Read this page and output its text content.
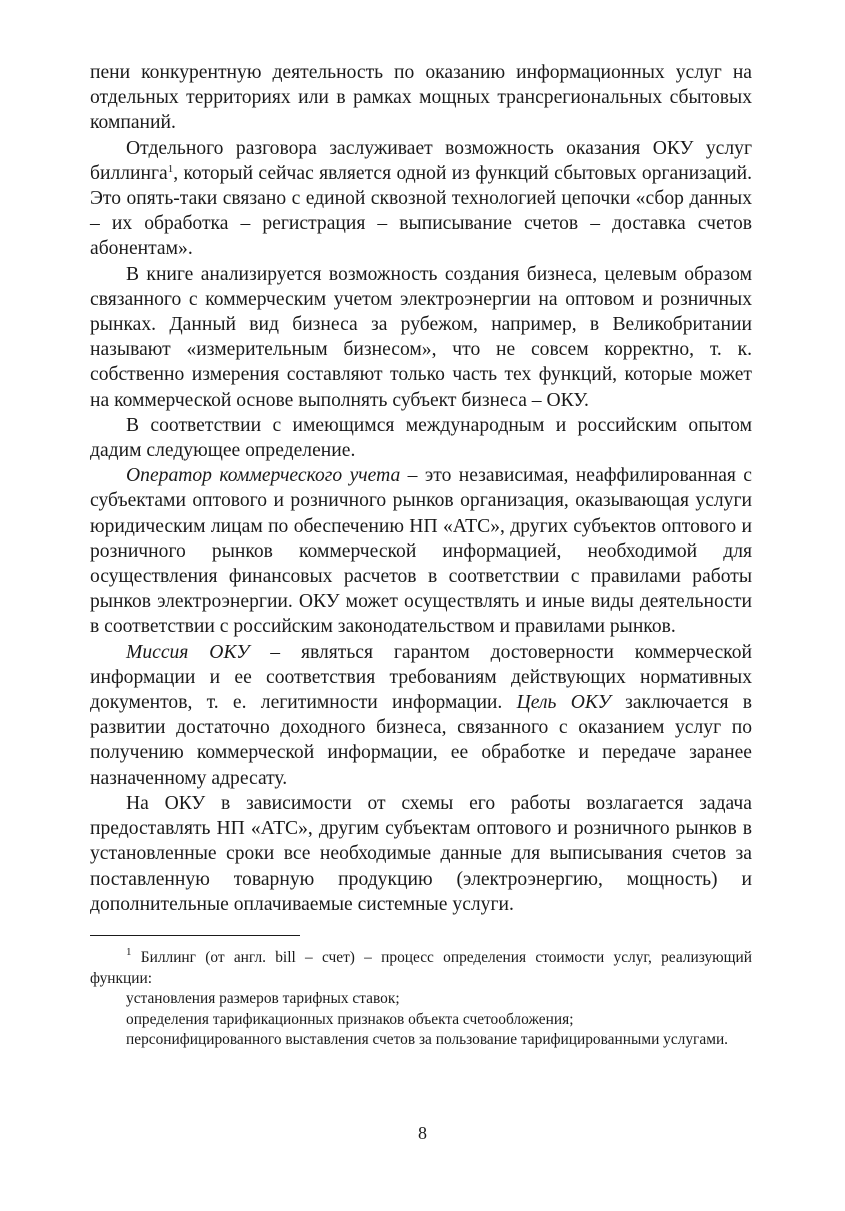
пени конкурентную деятельность по оказанию информационных услуг на отдельных территориях или в рамках мощных трансрегиональных сбытовых компаний.

Отдельного разговора заслуживает возможность оказания ОКУ услуг биллинга$^1$, который сейчас является одной из функций сбытовых организаций. Это опять-таки связано с единой сквозной технологией цепочки «сбор данных – их обработка – регистрация – выписывание счетов – доставка счетов абонентам».

В книге анализируется возможность создания бизнеса, целевым образом связанного с коммерческим учетом электроэнергии на оптовом и розничных рынках. Данный вид бизнеса за рубежом, например, в Великобритании называют «измерительным бизнесом», что не совсем корректно, т. к. собственно измерения составляют только часть тех функций, которые может на коммерческой основе выполнять субъект бизнеса – ОКУ.

В соответствии с имеющимся международным и российским опытом дадим следующее определение.

Оператор коммерческого учета – это независимая, неаффилированная с субъектами оптового и розничного рынков организация, оказывающая услуги юридическим лицам по обеспечению НП «АТС», других субъектов оптового и розничного рынков коммерческой информацией, необходимой для осуществления финансовых расчетов в соответствии с правилами работы рынков электроэнергии. ОКУ может осуществлять и иные виды деятельности в соответствии с российским законодательством и правилами рынков.

Миссия ОКУ – являться гарантом достоверности коммерческой информации и ее соответствия требованиям действующих нормативных документов, т. е. легитимности информации. Цель ОКУ заключается в развитии достаточно доходного бизнеса, связанного с оказанием услуг по получению коммерческой информации, ее обработке и передаче заранее назначенному адресату.

На ОКУ в зависимости от схемы его работы возлагается задача предоставлять НП «АТС», другим субъектам оптового и розничного рынков в установленные сроки все необходимые данные для выписывания счетов за поставленную товарную продукцию (электроэнергию, мощность) и дополнительные оплачиваемые системные услуги.

$^1$ Биллинг (от англ. bill – счет) – процесс определения стоимости услуг, реализующий функции:

установления размеров тарифных ставок;

определения тарификационных признаков объекта счетообложения;

персонифицированного выставления счетов за пользование тарифицированными услугами.

8
